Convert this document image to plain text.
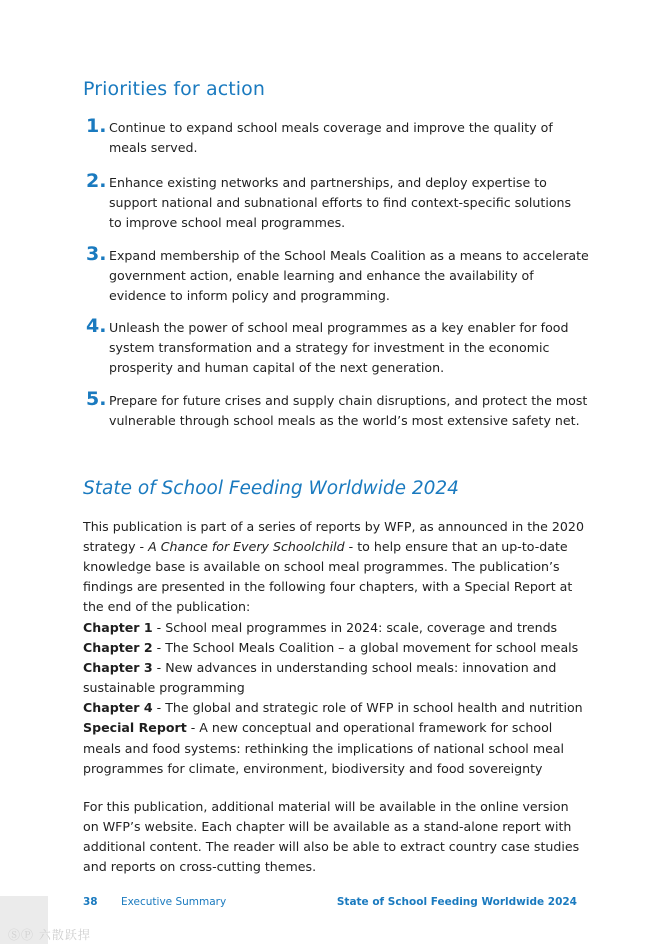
Priorities for action
1. Continue to expand school meals coverage and improve the quality of
meals served.
2. Enhance existing networks and partnerships, and deploy expertise to
support national and subnational efforts to find context-specific solutions
to improve school meal programmes.
3. Expand membership of the School Meals Coalition as a means to accelerate
government action, enable learning and enhance the availability of
evidence to inform policy and programming.
4. Unleash the power of school meal programmes as a key enabler for food
system transformation and a strategy for investment in the economic
prosperity and human capital of the next generation.
5. Prepare for future crises and supply chain disruptions, and protect the most
vulnerable through school meals as the world’s most extensive safety net.
State of School Feeding Worldwide 2024

This publication is part of a series of reports by WFP, as announced in the 2020
strategy - A Chance for Every Schoolchild - to help ensure that an up-to-date
knowledge base is available on school meal programmes. The publication’s
findings are presented in the following four chapters, with a Special Report at
the end of the publication:

Chapter 1 - School meal programmes in 2024: scale, coverage and trends
Chapter 2 - The School Meals Coalition – a global movement for school meals
Chapter 3 - New advances in understanding school meals: innovation and
sustainable programming
Chapter 4 - The global and strategic role of WFP in school health and nutrition
Special Report - A new conceptual and operational framework for school
meals and food systems: rethinking the implications of national school meal
programmes for climate, environment, biodiversity and food sovereignty

For this publication, additional material will be available in the online version
on WFP’s website. Each chapter will be available as a stand-alone report with
additional content. The reader will also be able to extract country case studies
and reports on cross-cutting themes.

38 Executive Summary	State of School Feeding Worldwide 2024
ⓈⓅ 六散跃捍
